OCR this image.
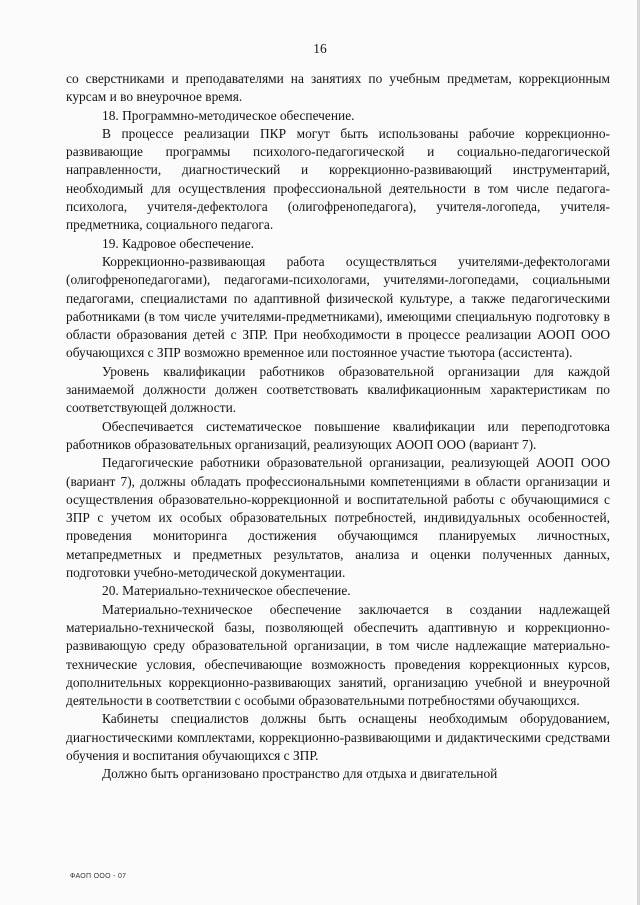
16

со сверстниками и преподавателями на занятиях по учебным предметам, коррекционным курсам и во внеурочное время.

18. Программно-методическое обеспечение.

В процессе реализации ПКР могут быть использованы рабочие коррекционно-развивающие программы психолого-педагогической и социально-педагогической направленности, диагностический и коррекционно-развивающий инструментарий, необходимый для осуществления профессиональной деятельности в том числе педагога-психолога, учителя-дефектолога (олигофренопедагога), учителя-логопеда, учителя-предметника, социального педагога.

19. Кадровое обеспечение.

Коррекционно-развивающая работа осуществляться учителями-дефектологами (олигофренопедагогами), педагогами-психологами, учителями-логопедами, социальными педагогами, специалистами по адаптивной физической культуре, а также педагогическими работниками (в том числе учителями-предметниками), имеющими специальную подготовку в области образования детей с ЗПР. При необходимости в процессе реализации АООП ООО обучающихся с ЗПР возможно временное или постоянное участие тьютора (ассистента).

Уровень квалификации работников образовательной организации для каждой занимаемой должности должен соответствовать квалификационным характеристикам по соответствующей должности.

Обеспечивается систематическое повышение квалификации или переподготовка работников образовательных организаций, реализующих АООП ООО (вариант 7).

Педагогические работники образовательной организации, реализующей АООП ООО (вариант 7), должны обладать профессиональными компетенциями в области организации и осуществления образовательно-коррекционной и воспитательной работы с обучающимися с ЗПР с учетом их особых образовательных потребностей, индивидуальных особенностей, проведения мониторинга достижения обучающимся планируемых личностных, метапредметных и предметных результатов, анализа и оценки полученных данных, подготовки учебно-методической документации.

20. Материально-техническое обеспечение.

Материально-техническое обеспечение заключается в создании надлежащей материально-технической базы, позволяющей обеспечить адаптивную и коррекционно-развивающую среду образовательной организации, в том числе надлежащие материально-технические условия, обеспечивающие возможность проведения коррекционных курсов, дополнительных коррекционно-развивающих занятий, организацию учебной и внеурочной деятельности в соответствии с особыми образовательными потребностями обучающихся.

Кабинеты специалистов должны быть оснащены необходимым оборудованием, диагностическими комплектами, коррекционно-развивающими и дидактическими средствами обучения и воспитания обучающихся с ЗПР.

Должно быть организовано пространство для отдыха и двигательной

ФАОП ООО - 07
